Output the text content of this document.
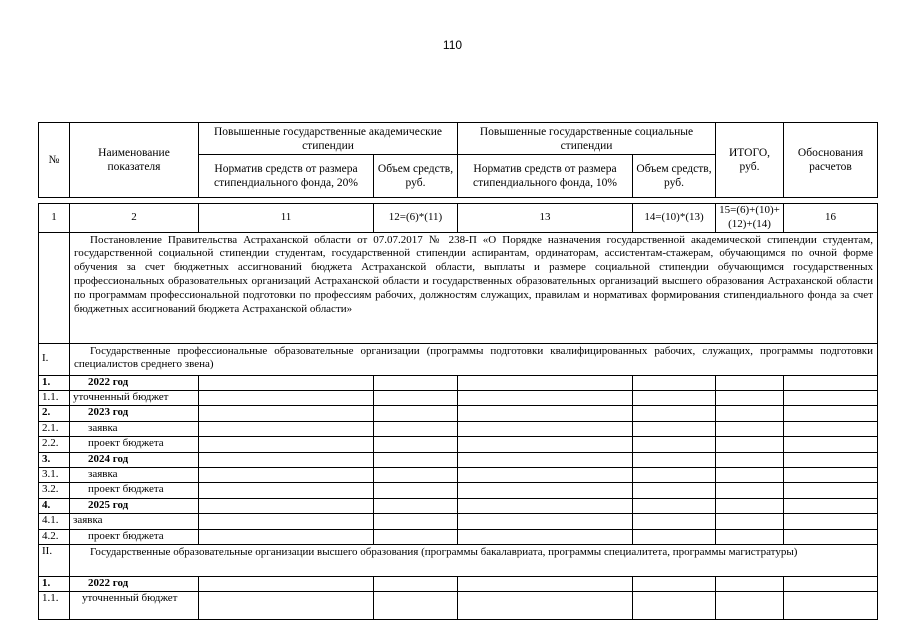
110
№	Наименование показателя	Повышенные государственные академические стипендии		Повышенные государственные социальные стипендии		ИТОГО, руб.	Обоснования расчетов
		Норматив средств от размера стипендиального фонда, 20%	Объем средств, руб.	Норматив средств от размера стипендиального фонда, 10%	Объем средств, руб.		
1	2	11	12=(6)*(11)	13	14=(10)*(13)	15=(6)+(10)+(12)+(14)	16
	Постановление Правительства Астраханской области от 07.07.2017 № 238-П «О Порядке назначения государственной академической стипендии студентам, государственной социальной стипендии студентам, государственной стипендии аспирантам, ординаторам, ассистентам-стажерам, обучающимся по очной форме обучения за счет бюджетных ассигнований бюджета Астраханской области, выплаты и размере социальной стипендии обучающимся государственных профессиональных образовательных организаций Астраханской области и государственных образовательных организаций высшего образования Астраханской области по программам профессиональной подготовки по профессиям рабочих, должностям служащих, правилам и нормативах формирования стипендиального фонда за счет бюджетных ассигнований бюджета Астраханской области»						
I.	Государственные профессиональные образовательные организации (программы подготовки квалифицированных рабочих, служащих, программы подготовки специалистов среднего звена)						
1.	2022 год						
1.1.	уточненный бюджет						
2.	2023 год						
2.1.	заявка						
2.2.	проект бюджета						
3.	2024 год						
3.1.	заявка						
3.2.	проект бюджета						
4.	2025 год						
4.1.	заявка						
4.2.	проект бюджета						
II.	Государственные образовательные организации высшего образования (программы бакалавриата, программы специалитета, программы магистратуры)						
1.	2022 год						
1.1.	уточненный бюджет						
